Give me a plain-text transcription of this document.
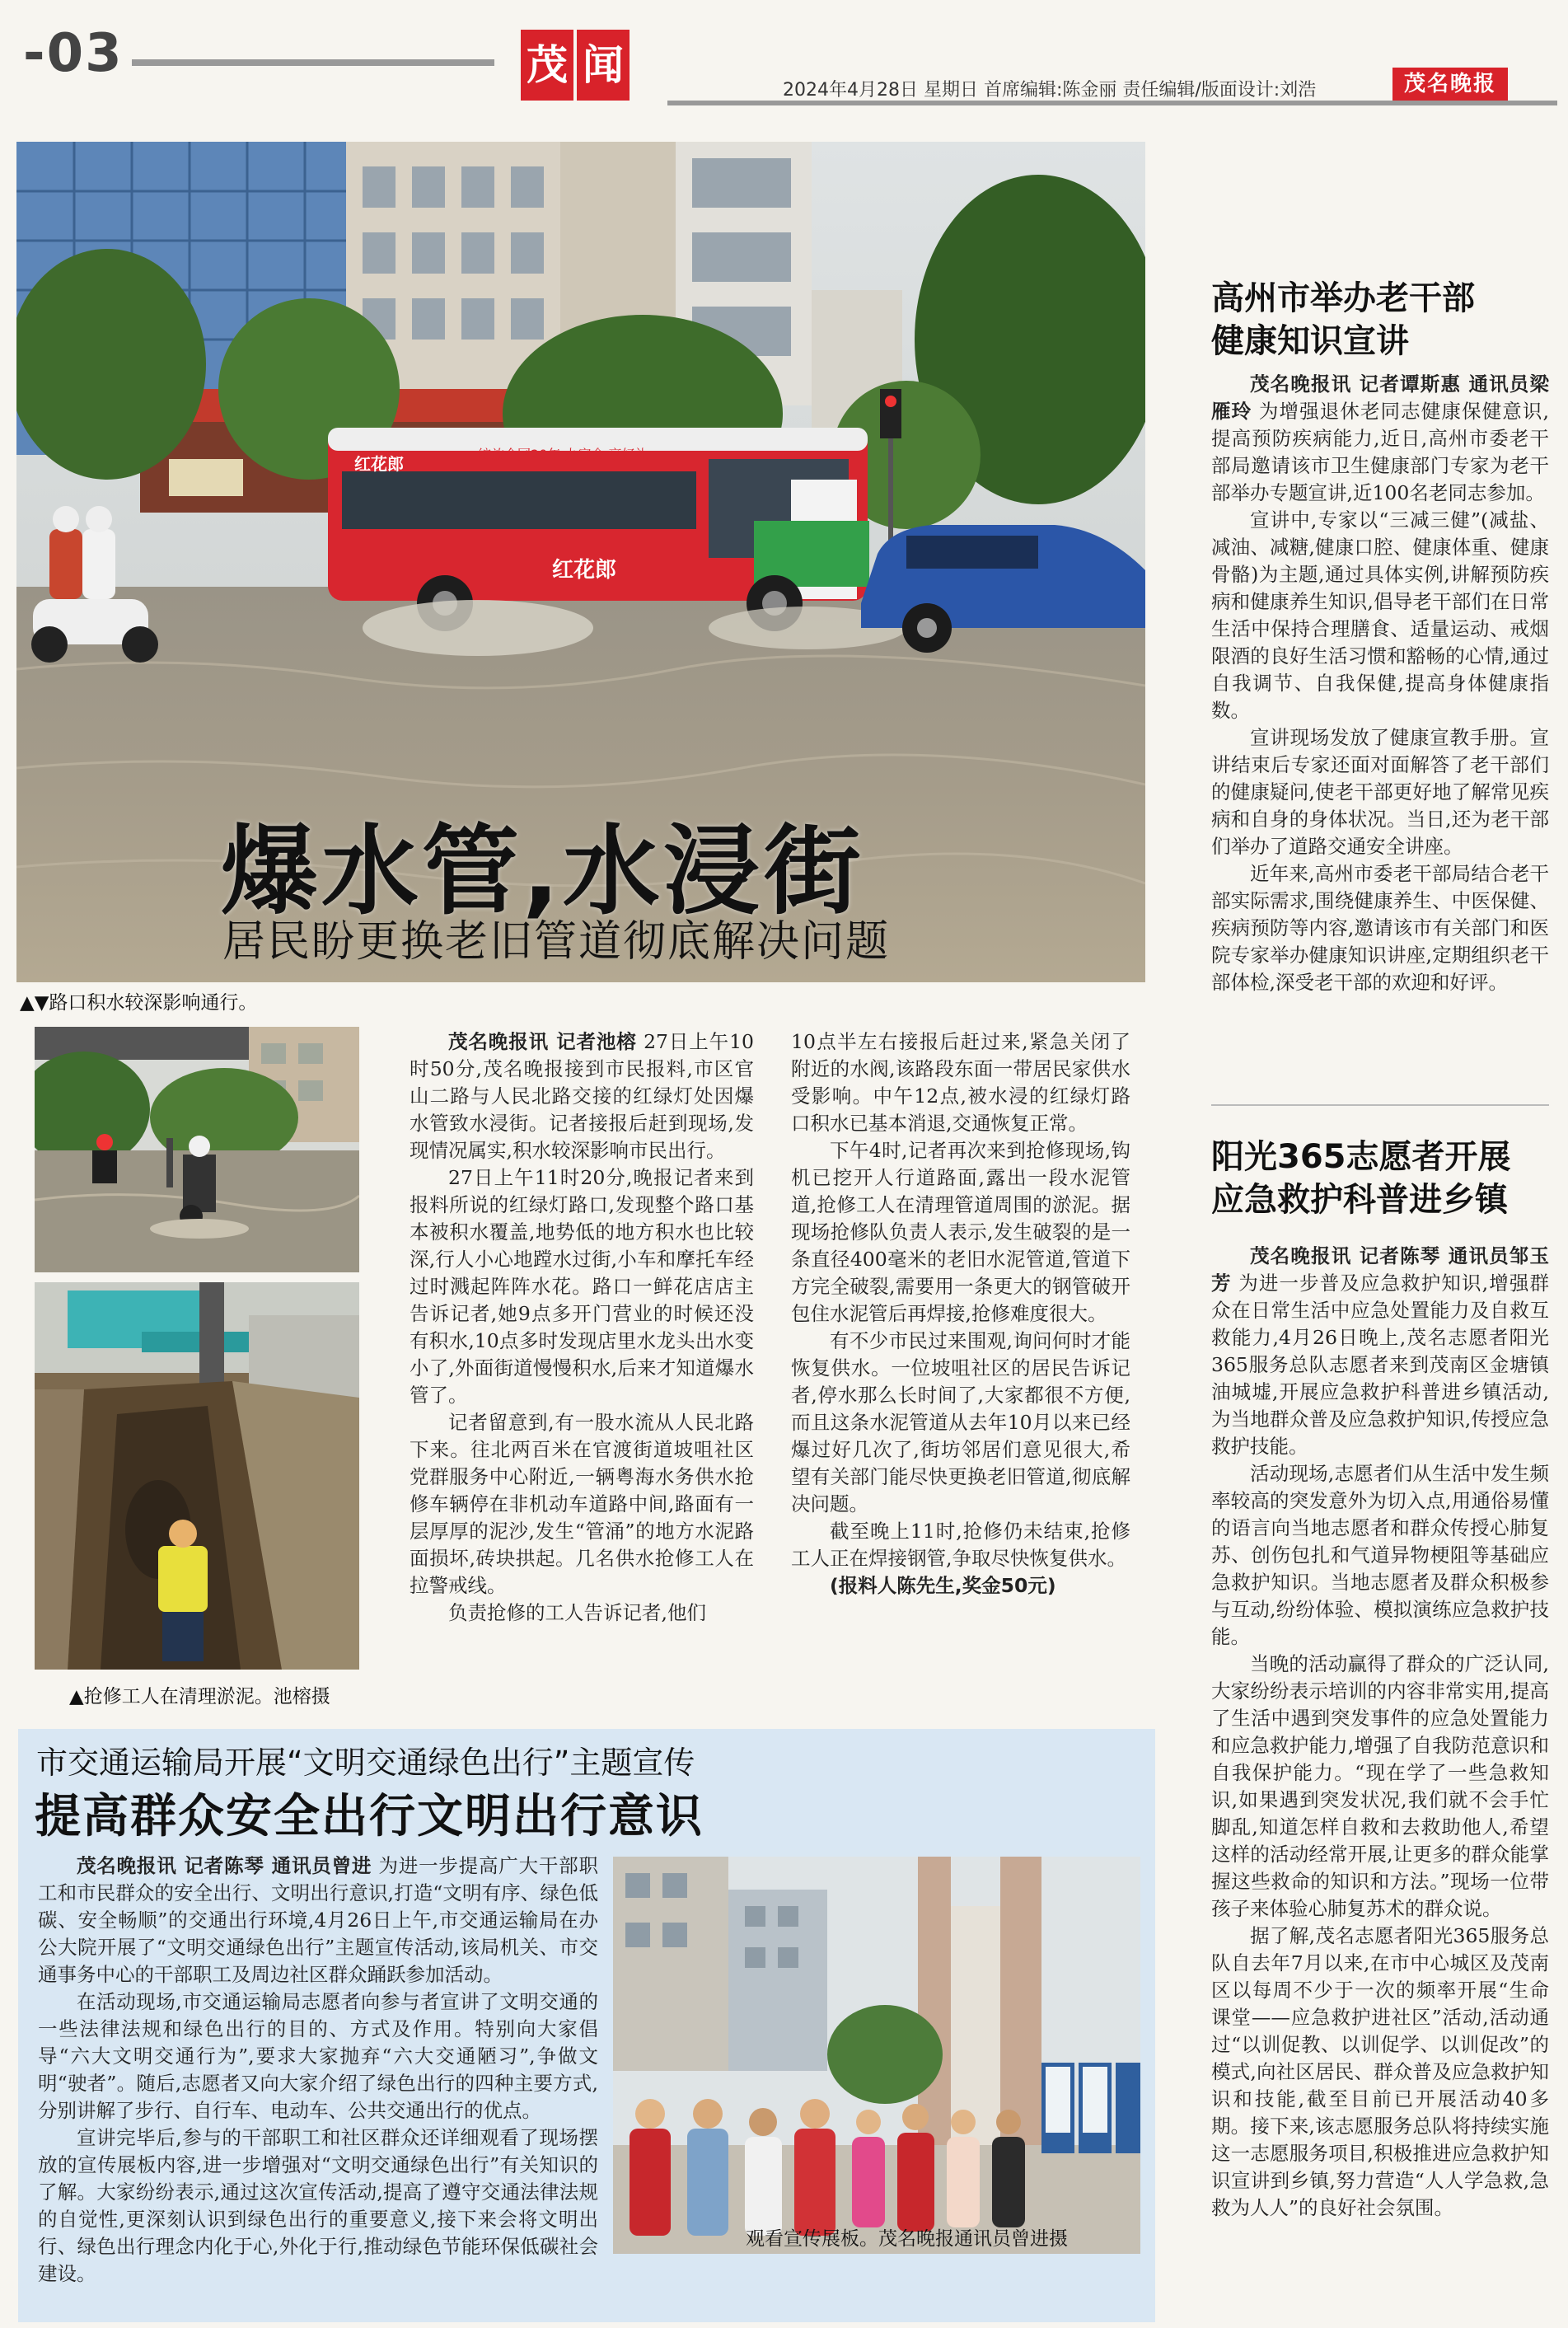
-03	茂 闻
2024年4月28日 星期日 首席编辑:陈金丽 责任编辑/版面设计:刘浩	茂名晚报
红花郎	绽放全国20年 办宴会 享好礼
红花郎
爆水管,水浸街
居民盼更换老旧管道彻底解决问题
▲▼路口积水较深影响通行。
▲抢修工人在清理淤泥。池榕摄

茂名晚报讯 记者池榕 27日上午10时50分,茂名晚报接到市民报料,市区官山二路与人民北路交接的红绿灯处因爆水管致水浸街。记者接报后赶到现场,发现情况属实,积水较深影响市民出行。

27日上午11时20分,晚报记者来到报料所说的红绿灯路口,发现整个路口基本被积水覆盖,地势低的地方积水也比较深,行人小心地蹚水过街,小车和摩托车经过时溅起阵阵水花。路口一鲜花店店主告诉记者,她9点多开门营业的时候还没有积水,10点多时发现店里水龙头出水变小了,外面街道慢慢积水,后来才知道爆水管了。

记者留意到,有一股水流从人民北路下来。往北两百米在官渡街道坡咀社区党群服务中心附近,一辆粤海水务供水抢修车辆停在非机动车道路中间,路面有一层厚厚的泥沙,发生“管涌”的地方水泥路面损坏,砖块拱起。几名供水抢修工人在拉警戒线。

负责抢修的工人告诉记者,他们

10点半左右接报后赶过来,紧急关闭了附近的水阀,该路段东面一带居民家供水受影响。中午12点,被水浸的红绿灯路口积水已基本消退,交通恢复正常。

下午4时,记者再次来到抢修现场,钩机已挖开人行道路面,露出一段水泥管道,抢修工人在清理管道周围的淤泥。据现场抢修队负责人表示,发生破裂的是一条直径400毫米的老旧水泥管道,管道下方完全破裂,需要用一条更大的钢管破开包住水泥管后再焊接,抢修难度很大。

有不少市民过来围观,询问何时才能恢复供水。一位坡咀社区的居民告诉记者,停水那么长时间了,大家都很不方便,而且这条水泥管道从去年10月以来已经爆过好几次了,街坊邻居们意见很大,希望有关部门能尽快更换老旧管道,彻底解决问题。

截至晚上11时,抢修仍未结束,抢修工人正在焊接钢管,争取尽快恢复供水。

(报料人陈先生,奖金50元)

高州市举办老干部
健康知识宣讲

茂名晚报讯 记者谭斯惠 通讯员梁雁玲 为增强退休老同志健康保健意识,提高预防疾病能力,近日,高州市委老干部局邀请该市卫生健康部门专家为老干部举办专题宣讲,近100名老同志参加。

宣讲中,专家以“三减三健”(减盐、减油、减糖,健康口腔、健康体重、健康骨骼)为主题,通过具体实例,讲解预防疾病和健康养生知识,倡导老干部们在日常生活中保持合理膳食、适量运动、戒烟限酒的良好生活习惯和豁畅的心情,通过自我调节、自我保健,提高身体健康指数。

宣讲现场发放了健康宣教手册。宣讲结束后专家还面对面解答了老干部们的健康疑问,使老干部更好地了解常见疾病和自身的身体状况。当日,还为老干部们举办了道路交通安全讲座。

近年来,高州市委老干部局结合老干部实际需求,围绕健康养生、中医保健、疾病预防等内容,邀请该市有关部门和医院专家举办健康知识讲座,定期组织老干部体检,深受老干部的欢迎和好评。

阳光365志愿者开展
应急救护科普进乡镇

茂名晚报讯 记者陈琴 通讯员邹玉芳 为进一步普及应急救护知识,增强群众在日常生活中应急处置能力及自救互救能力,4月26日晚上,茂名志愿者阳光365服务总队志愿者来到茂南区金塘镇油城墟,开展应急救护科普进乡镇活动,为当地群众普及应急救护知识,传授应急救护技能。

活动现场,志愿者们从生活中发生频率较高的突发意外为切入点,用通俗易懂的语言向当地志愿者和群众传授心肺复苏、创伤包扎和气道异物梗阻等基础应急救护知识。当地志愿者及群众积极参与互动,纷纷体验、模拟演练应急救护技能。

当晚的活动赢得了群众的广泛认同,大家纷纷表示培训的内容非常实用,提高了生活中遇到突发事件的应急处置能力和应急救护能力,增强了自我防范意识和自我保护能力。“现在学了一些急救知识,如果遇到突发状况,我们就不会手忙脚乱,知道怎样自救和去救助他人,希望这样的活动经常开展,让更多的群众能掌握这些救命的知识和方法。”现场一位带孩子来体验心肺复苏术的群众说。

据了解,茂名志愿者阳光365服务总队自去年7月以来,在市中心城区及茂南区以每周不少于一次的频率开展“生命课堂——应急救护进社区”活动,活动通过“以训促教、以训促学、以训促改”的模式,向社区居民、群众普及应急救护知识和技能,截至目前已开展活动40多期。接下来,该志愿服务总队将持续实施这一志愿服务项目,积极推进应急救护知识宣讲到乡镇,努力营造“人人学急救,急救为人人”的良好社会氛围。

市交通运输局开展“文明交通绿色出行”主题宣传
提高群众安全出行文明出行意识

茂名晚报讯 记者陈琴 通讯员曾进 为进一步提高广大干部职工和市民群众的安全出行、文明出行意识,打造“文明有序、绿色低碳、安全畅顺”的交通出行环境,4月26日上午,市交通运输局在办公大院开展了“文明交通绿色出行”主题宣传活动,该局机关、市交通事务中心的干部职工及周边社区群众踊跃参加活动。

在活动现场,市交通运输局志愿者向参与者宣讲了文明交通的一些法律法规和绿色出行的目的、方式及作用。特别向大家倡导“六大文明交通行为”,要求大家抛弃“六大交通陋习”,争做文明“驶者”。随后,志愿者又向大家介绍了绿色出行的四种主要方式,分别讲解了步行、自行车、电动车、公共交通出行的优点。

宣讲完毕后,参与的干部职工和社区群众还详细观看了现场摆放的宣传展板内容,进一步增强对“文明交通绿色出行”有关知识的了解。大家纷纷表示,通过这次宣传活动,提高了遵守交通法律法规的自觉性,更深刻认识到绿色出行的重要意义,接下来会将文明出行、绿色出行理念内化于心,外化于行,推动绿色节能环保低碳社会建设。

观看宣传展板。茂名晚报通讯员曾进摄
